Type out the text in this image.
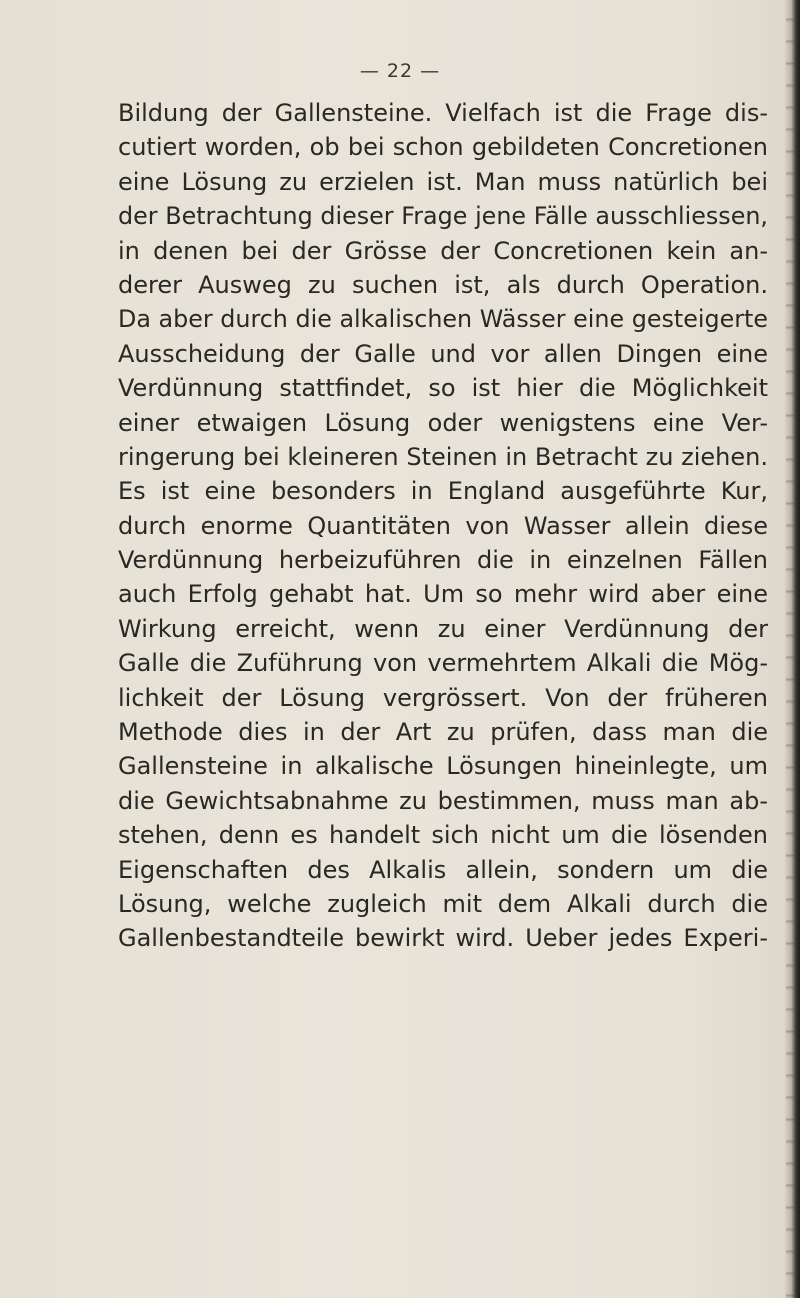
— 22 —
Bildung der Gallensteine. Vielfach ist die Frage dis-
cutiert worden, ob bei schon gebildeten Concretionen
eine Lösung zu erzielen ist. Man muss natürlich bei
der Betrachtung dieser Frage jene Fälle ausschliessen,
in denen bei der Grösse der Concretionen kein an-
derer Ausweg zu suchen ist, als durch Operation.
Da aber durch die alkalischen Wässer eine gesteigerte
Ausscheidung der Galle und vor allen Dingen eine
Verdünnung stattfindet, so ist hier die Möglichkeit
einer etwaigen Lösung oder wenigstens eine Ver-
ringerung bei kleineren Steinen in Betracht zu ziehen.
Es ist eine besonders in England ausgeführte Kur,
durch enorme Quantitäten von Wasser allein diese
Verdünnung herbeizuführen die in einzelnen Fällen
auch Erfolg gehabt hat. Um so mehr wird aber eine
Wirkung erreicht, wenn zu einer Verdünnung der
Galle die Zuführung von vermehrtem Alkali die Mög-
lichkeit der Lösung vergrössert. Von der früheren
Methode dies in der Art zu prüfen, dass man die
Gallensteine in alkalische Lösungen hineinlegte, um
die Gewichtsabnahme zu bestimmen, muss man ab-
stehen, denn es handelt sich nicht um die lösenden
Eigenschaften des Alkalis allein, sondern um die
Lösung, welche zugleich mit dem Alkali durch die
Gallenbestandteile bewirkt wird. Ueber jedes Experi-
